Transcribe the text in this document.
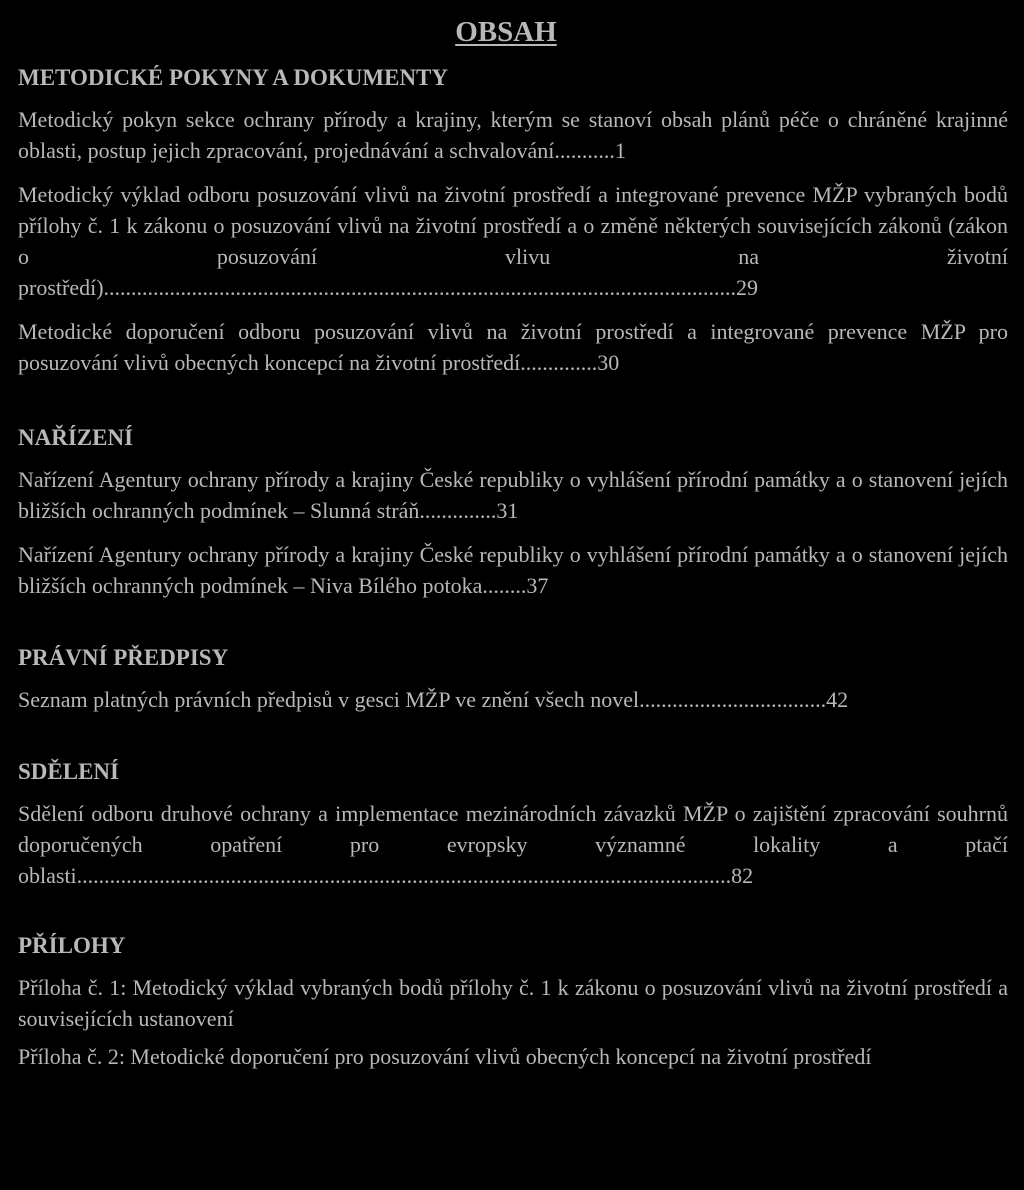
OBSAH
METODICKÉ POKYNY A DOKUMENTY

Metodický pokyn sekce ochrany přírody a krajiny, kterým se stanoví obsah plánů péče o chráněné krajinné oblasti, postup jejich zpracování, projednávání a schvalování...........1

Metodický výklad odboru posuzování vlivů na životní prostředí a integrované prevence MŽP vybraných bodů přílohy č. 1 k zákonu o posuzování vlivů na životní prostředí a o změně některých souvisejících zákonů (zákon o posuzování vlivu na životní prostředí)...................................................................................................................29

Metodické doporučení odboru posuzování vlivů na životní prostředí a integrované prevence MŽP pro posuzování vlivů obecných koncepcí na životní prostředí..............30

NAŘÍZENÍ

Nařízení Agentury ochrany přírody a krajiny České republiky o vyhlášení přírodní památky a o stanovení jejích bližších ochranných podmínek – Slunná stráň..............31

Nařízení Agentury ochrany přírody a krajiny České republiky o vyhlášení přírodní památky a o stanovení jejích bližších ochranných podmínek – Niva Bílého potoka........37

PRÁVNÍ PŘEDPISY

Seznam platných právních předpisů v gesci MŽP ve znění všech novel..................................42

SDĚLENÍ

Sdělení odboru druhové ochrany a implementace mezinárodních závazků MŽP o zajištění zpracování souhrnů doporučených opatření pro evropsky významné lokality a ptačí oblasti.......................................................................................................................82

PŘÍLOHY

Příloha č. 1: Metodický výklad vybraných bodů přílohy č. 1 k zákonu o posuzování vlivů na životní prostředí a souvisejících ustanovení

Příloha č. 2: Metodické doporučení pro posuzování vlivů obecných koncepcí na životní prostředí
